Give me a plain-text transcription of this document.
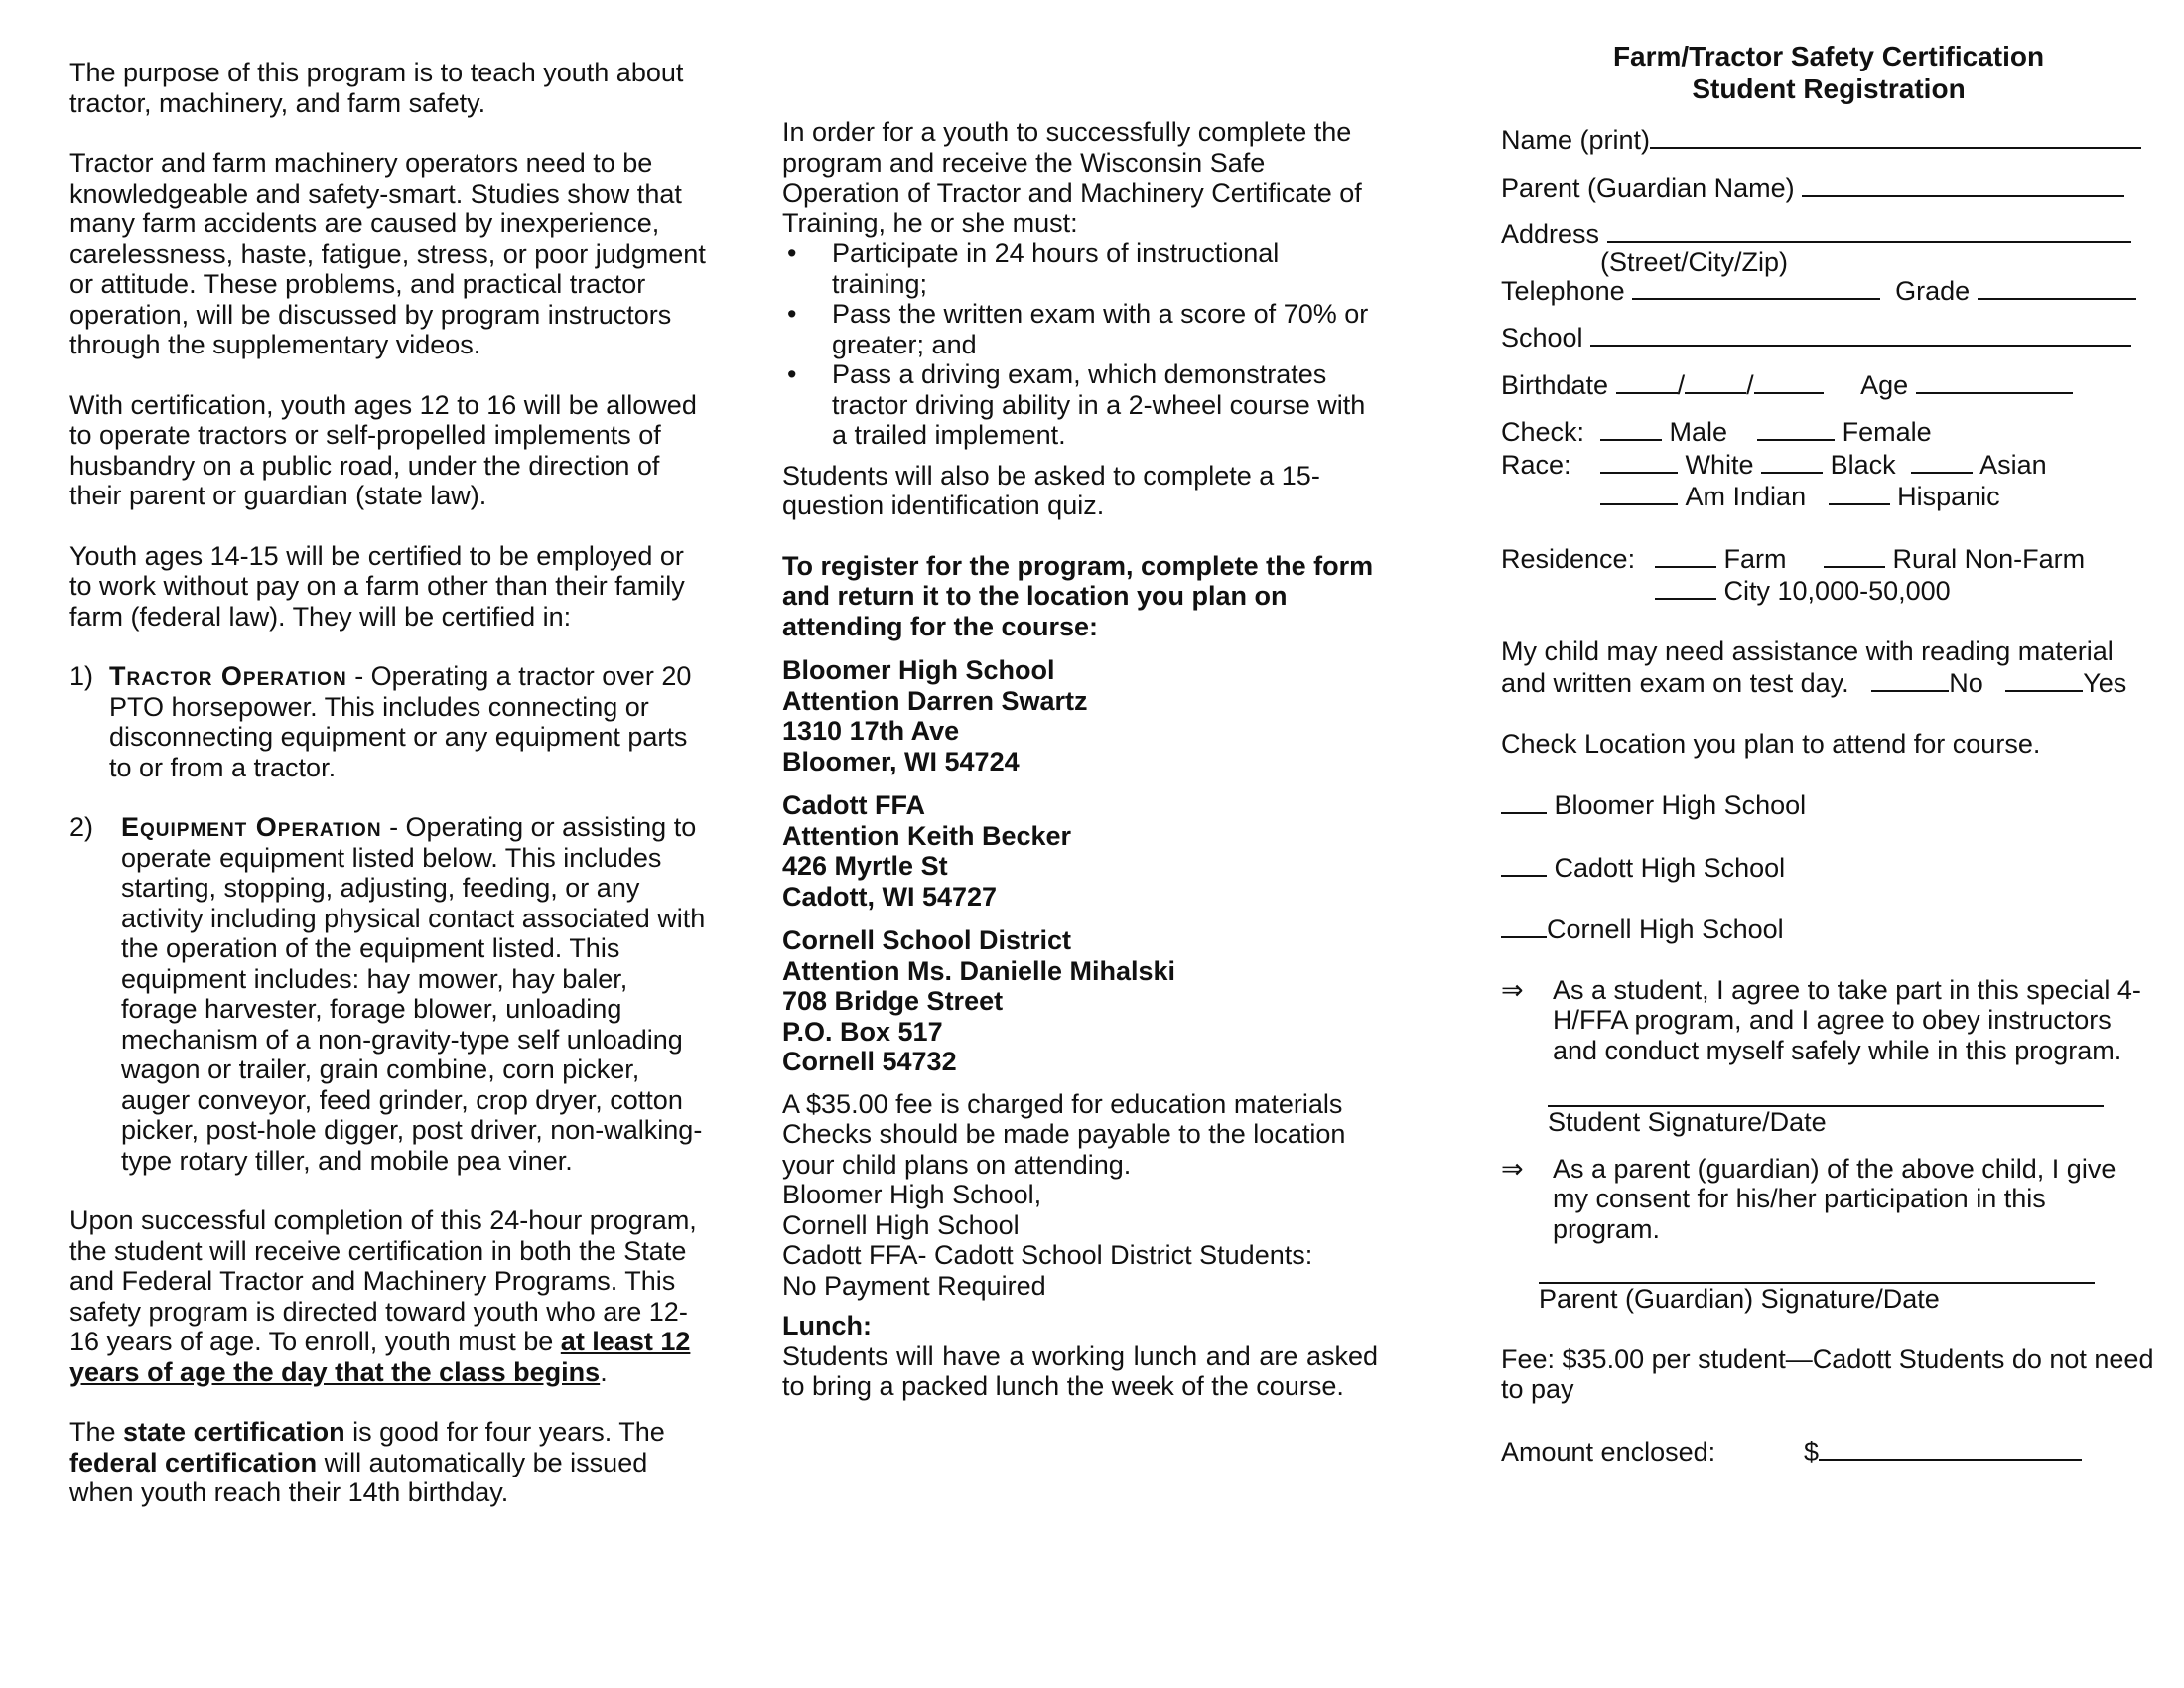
The purpose of this program is to teach youth about tractor, machinery, and farm safety.

Tractor and farm machinery operators need to be knowledgeable and safety-smart. Studies show that many farm accidents are caused by inexperience, carelessness, haste, fatigue, stress, or poor judgment or attitude. These problems, and practical tractor operation, will be discussed by program instructors through the supplementary videos.

With certification, youth ages 12 to 16 will be allowed to operate tractors or self-propelled implements of husbandry on a public road, under the direction of their parent or guardian (state law).

Youth ages 14-15 will be certified to be employed or to work without pay on a farm other than their family farm (federal law). They will be certified in:

1) Tractor Operation - Operating a tractor over 20 PTO horsepower. This includes connecting or disconnecting equipment or any equipment parts to or from a tractor.
2) Equipment Operation - Operating or assisting to operate equipment listed below. This includes starting, stopping, adjusting, feeding, or any activity including physical contact associated with the operation of the equipment listed. This equipment includes: hay mower, hay baler, forage harvester, forage blower, unloading mechanism of a non-gravity-type self unloading wagon or trailer, grain combine, corn picker, auger conveyor, feed grinder, crop dryer, cotton picker, post-hole digger, post driver, non-walking-type rotary tiller, and mobile pea viner.

Upon successful completion of this 24-hour program, the student will receive certification in both the State and Federal Tractor and Machinery Programs. This safety program is directed toward youth who are 12-16 years of age. To enroll, youth must be at least 12 years of age the day that the class begins.

The state certification is good for four years. The federal certification will automatically be issued when youth reach their 14th birthday.

In order for a youth to successfully complete the program and receive the Wisconsin Safe Operation of Tractor and Machinery Certificate of Training, he or she must:

• Participate in 24 hours of instructional training;
• Pass the written exam with a score of 70% or greater; and
• Pass a driving exam, which demonstrates tractor driving ability in a 2-wheel course with a trailed implement.

Students will also be asked to complete a 15-question identification quiz.

To register for the program, complete the form and return it to the location you plan on attending for the course:

Bloomer High School
Attention Darren Swartz
1310 17th Ave
Bloomer, WI 54724
Cadott FFA
Attention Keith Becker
426 Myrtle St
Cadott, WI 54727
Cornell School District
Attention Ms. Danielle Mihalski
708 Bridge Street
P.O. Box 517
Cornell 54732
A $35.00 fee is charged for education materials
Checks should be made payable to the location your child plans on attending.
Bloomer High School,
Cornell High School
Cadott FFA- Cadott School District Students:
No Payment Required
Lunch:

Students will have a working lunch and are asked to bring a packed lunch the week of the course.

Farm/Tractor Safety Certification
Student Registration
Name (print)
Parent (Guardian Name)
Address
(Street/City/Zip)
Telephone	Grade
School
Birthdate	/ /	Age
Check:	Male	Female
Race:	White	Black	Asian
Am Indian	Hispanic
Residence:	Farm	Rural Non-Farm
City 10,000-50,000
My child may need assistance with reading material and written exam on test day.	No	Yes
Check Location you plan to attend for course.
Bloomer High School
Cadott High School
Cornell High School
⇒ As a student, I agree to take part in this special 4-H/FFA program, and I agree to obey instructors and conduct myself safely while in this program.
Student Signature/Date
⇒ As a parent (guardian) of the above child, I give my consent for his/her participation in this program.
Parent (Guardian) Signature/Date
Fee: $35.00 per student—Cadott Students do not need to pay
Amount enclosed:	$
